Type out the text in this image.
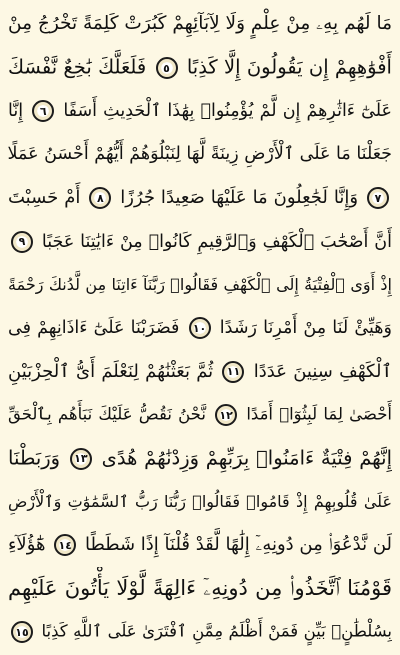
مَا لَهُم بِهِۦ مِنْ عِلْمٍ وَلَا لِآبَآئِهِمْ كَبُرَتْ كَلِمَةً تَخْرُجُ مِنْ
أَفْوَٰهِهِمْ إِن يَقُولُونَ إِلَّا كَذِبًا ٥ فَلَعَلَّكَ بَٰخِعٌ نَّفْسَكَ
عَلَىٰٓ ءَاثَٰرِهِمْ إِن لَّمْ يُؤْمِنُوا۟ بِهَٰذَا ٱلْحَدِيثِ أَسَفًا ٦ إِنَّا
جَعَلْنَا مَا عَلَى ٱلْأَرْضِ زِينَةً لَّهَا لِنَبْلُوَهُمْ أَيُّهُمْ أَحْسَنُ عَمَلًا
٧ وَإِنَّا لَجَٰعِلُونَ مَا عَلَيْهَا صَعِيدًا جُرُزًا ٨ أَمْ حَسِبْتَ
أَنَّ أَصْحَٰبَ ٱلْكَهْفِ وَٱلرَّقِيمِ كَانُوا۟ مِنْ ءَايَٰتِنَا عَجَبًا ٩
إِذْ أَوَى ٱلْفِتْيَةُ إِلَى ٱلْكَهْفِ فَقَالُوا۟ رَبَّنَآ ءَاتِنَا مِن لَّدُنكَ رَحْمَةً
وَهَيِّئْ لَنَا مِنْ أَمْرِنَا رَشَدًا ١٠ فَضَرَبْنَا عَلَىٰٓ ءَاذَانِهِمْ فِى
ٱلْكَهْفِ سِنِينَ عَدَدًا ١١ ثُمَّ بَعَثْنَٰهُمْ لِنَعْلَمَ أَىُّ ٱلْحِزْبَيْنِ
أَحْصَىٰ لِمَا لَبِثُوٓا۟ أَمَدًا ١٢ نَّحْنُ نَقُصُّ عَلَيْكَ نَبَأَهُم بِٱلْحَقِّ
إِنَّهُمْ فِتْيَةٌ ءَامَنُوا۟ بِرَبِّهِمْ وَزِدْنَٰهُمْ هُدًى ١٣ وَرَبَطْنَا
عَلَىٰ قُلُوبِهِمْ إِذْ قَامُوا۟ فَقَالُوا۟ رَبُّنَا رَبُّ ٱلسَّمَٰوَٰتِ وَٱلْأَرْضِ
لَن نَّدْعُوَا۟ مِن دُونِهِۦٓ إِلَٰهًا لَّقَدْ قُلْنَآ إِذًا شَطَطًا ١٤ هَٰٓؤُلَآءِ
قَوْمُنَا ٱتَّخَذُوا۟ مِن دُونِهِۦٓ ءَالِهَةً لَّوْلَا يَأْتُونَ عَلَيْهِم
بِسُلْطَٰنٍۭ بَيِّنٍ فَمَنْ أَظْلَمُ مِمَّنِ ٱفْتَرَىٰ عَلَى ٱللَّهِ كَذِبًا ١٥
